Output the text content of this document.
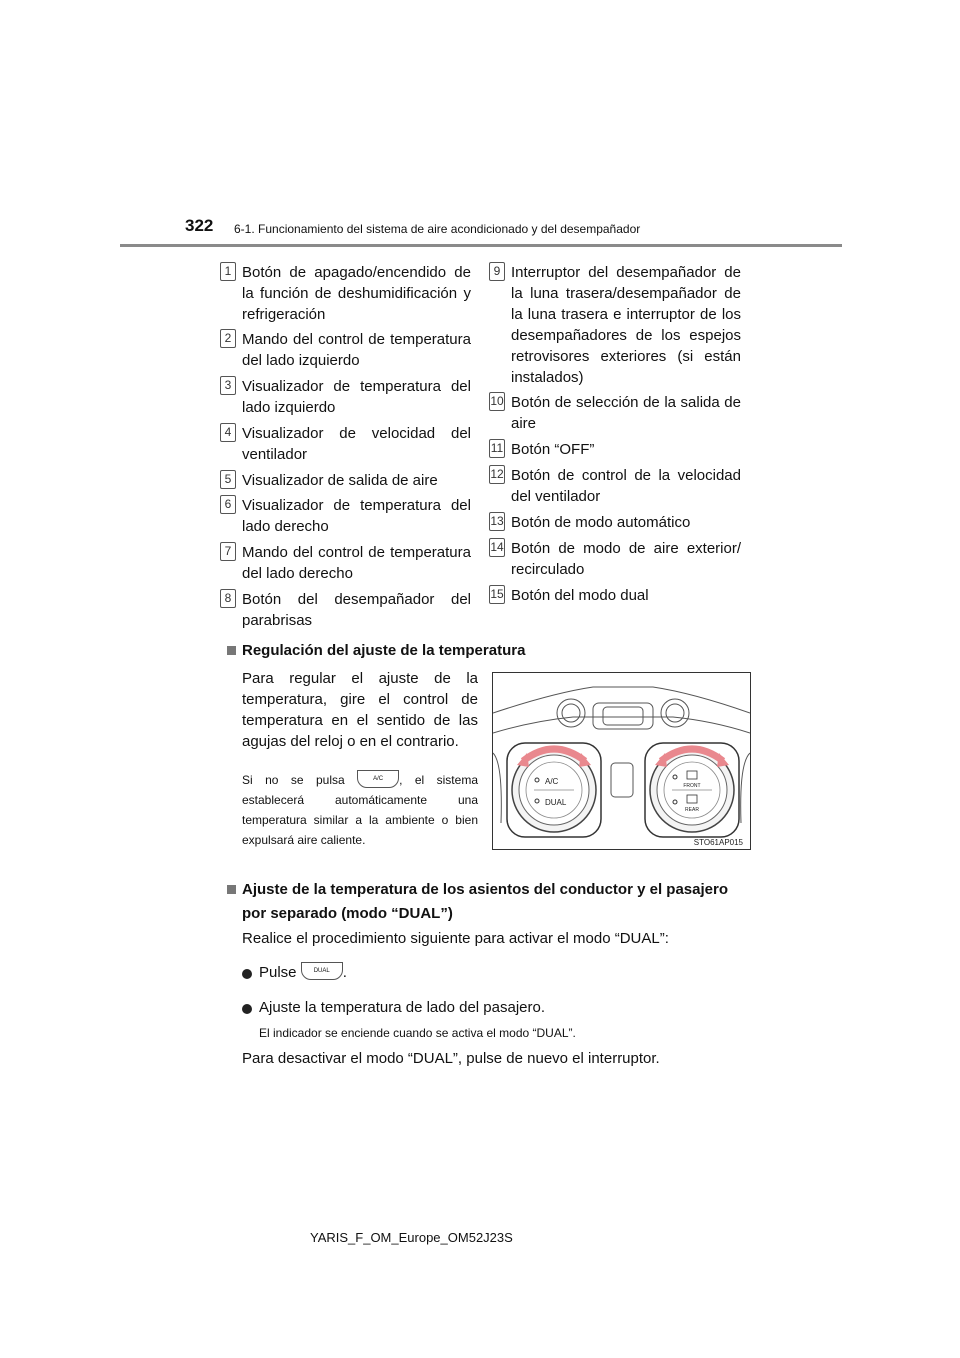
322 6-1. Funcionamiento del sistema de aire acondicionado y del desempañador
1 Botón de apagado/encendido de la función de deshumidificación y refrigeración
2 Mando del control de temperatura del lado izquierdo
3 Visualizador de temperatura del lado izquierdo
4 Visualizador de velocidad del ventilador
5 Visualizador de salida de aire
6 Visualizador de temperatura del lado derecho
7 Mando del control de temperatura del lado derecho
8 Botón del desempañador del parabrisas
9 Interruptor del desempañador de la luna trasera/desempañador de la luna trasera e interruptor de los desempañadores de los espejos retrovisores exteriores (si están instalados)
10 Botón de selección de la salida de aire
11 Botón “OFF”
12 Botón de control de la velocidad del ventilador
13 Botón de modo automático
14 Botón de modo de aire exterior/ recirculado
15 Botón del modo dual
Regulación del ajuste de la temperatura
Para regular el ajuste de la temperatura, gire el control de temperatura en el sentido de las agujas del reloj o en el contrario.
Si no se pulsa	A/C , el sistema establecerá automáticamente una temperatura similar a la ambiente o bien expulsará aire caliente.
A/C
DUAL
FRONT
REAR
STO61AP015
Ajuste de la temperatura de los asientos del conductor y el pasajero
por separado (modo “DUAL”)
Realice el procedimiento siguiente para activar el modo “DUAL”:
Pulse	DUAL .
Ajuste la temperatura de lado del pasajero.
El indicador se enciende cuando se activa el modo “DUAL”.
Para desactivar el modo “DUAL”, pulse de nuevo el interruptor.
YARIS_F_OM_Europe_OM52J23S
